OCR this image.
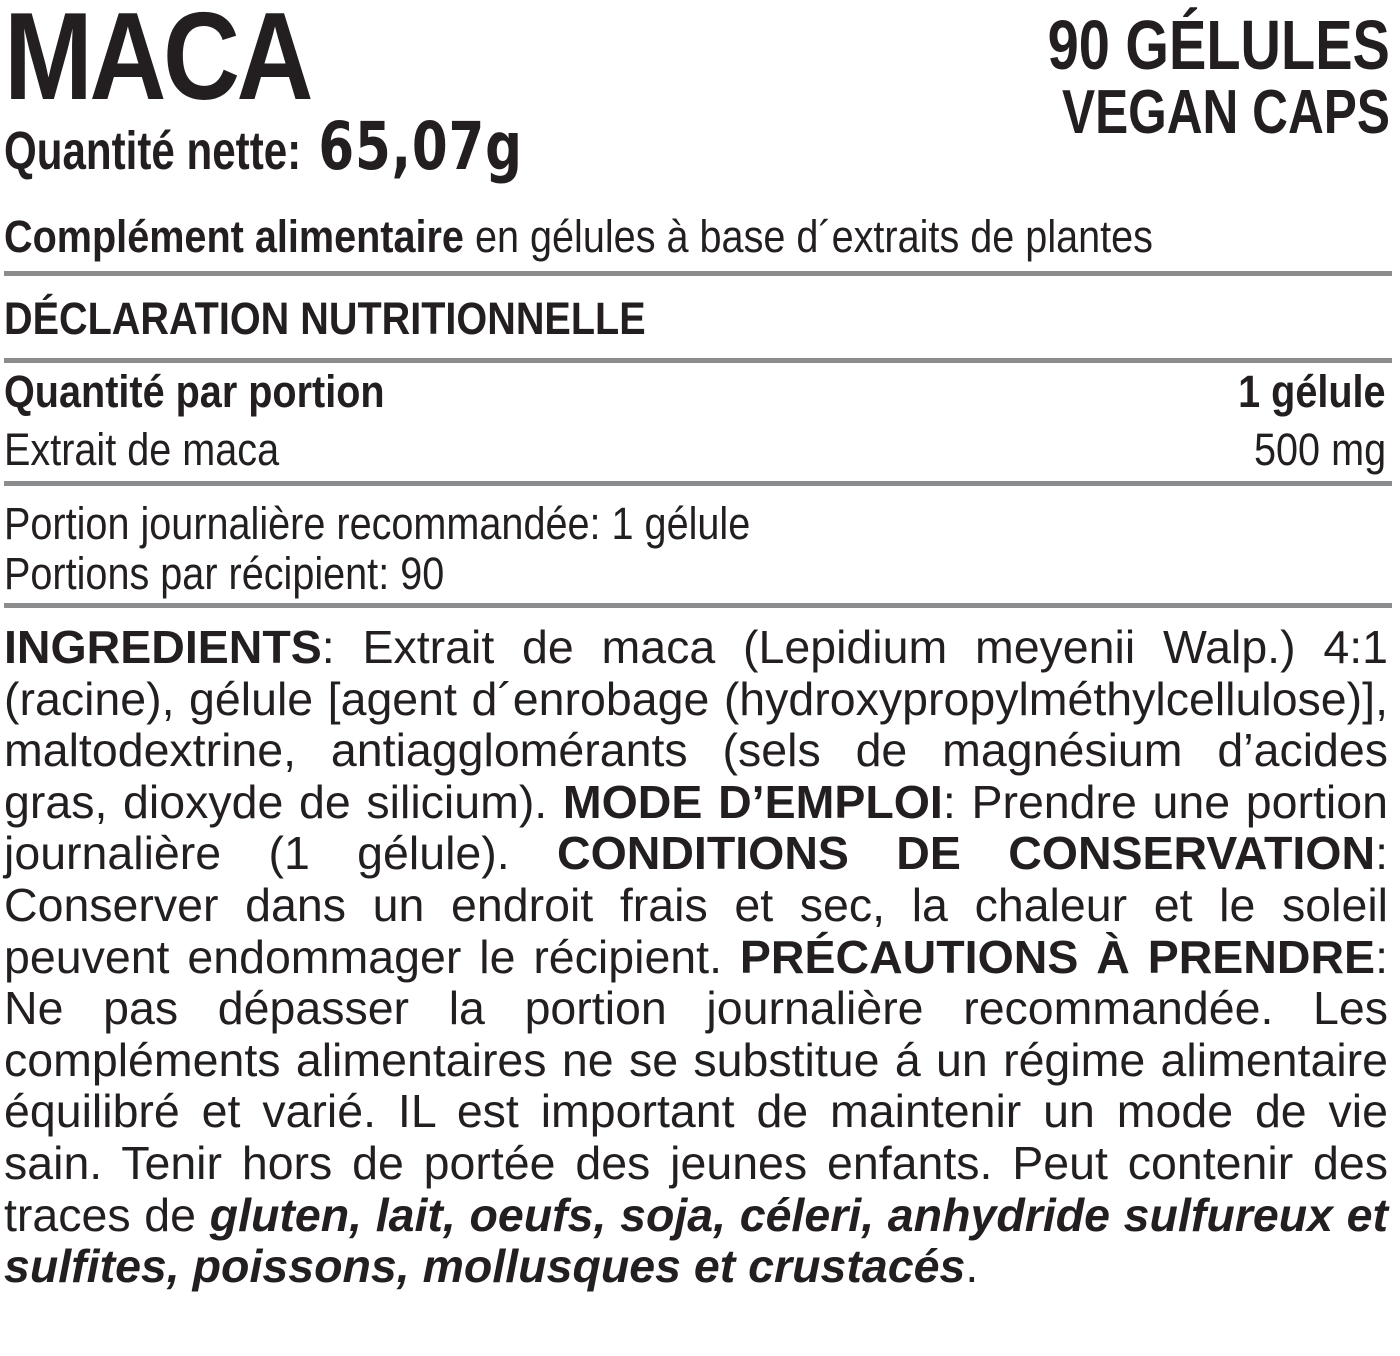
MACA
Quantité nette: 65,07g
90 GÉLULES
VEGAN CAPS
Complément alimentaire en gélules à base d´extraits de plantes
DÉCLARATION NUTRITIONNELLE
Quantité par portion	1 gélule
Extrait de maca	500 mg
Portion journalière recommandée: 1 gélule
Portions par récipient: 90
INGREDIENTS: Extrait de maca (Lepidium meyenii Walp.) 4:1 (racine), gélule [agent d´enrobage (hydroxypropylméthylcellulose)], maltodextrine, antiagglomérants (sels de magnésium d’acides gras, dioxyde de silicium). MODE D’EMPLOI: Prendre une portion journalière (1 gélule). CONDITIONS DE CONSERVATION: Conserver dans un endroit frais et sec, la chaleur et le soleil peuvent endommager le récipient. PRÉCAUTIONS À PRENDRE: Ne pas dépasser la portion journalière recommandée. Les compléments alimentaires ne se substitue á un régime alimentaire équilibré et varié. IL est important de maintenir un mode de vie sain. Tenir hors de portée des jeunes enfants. Peut contenir des traces de gluten, lait, oeufs, soja, céleri, anhydride sulfureux et sulfites, poissons, mollusques et crustacés.
